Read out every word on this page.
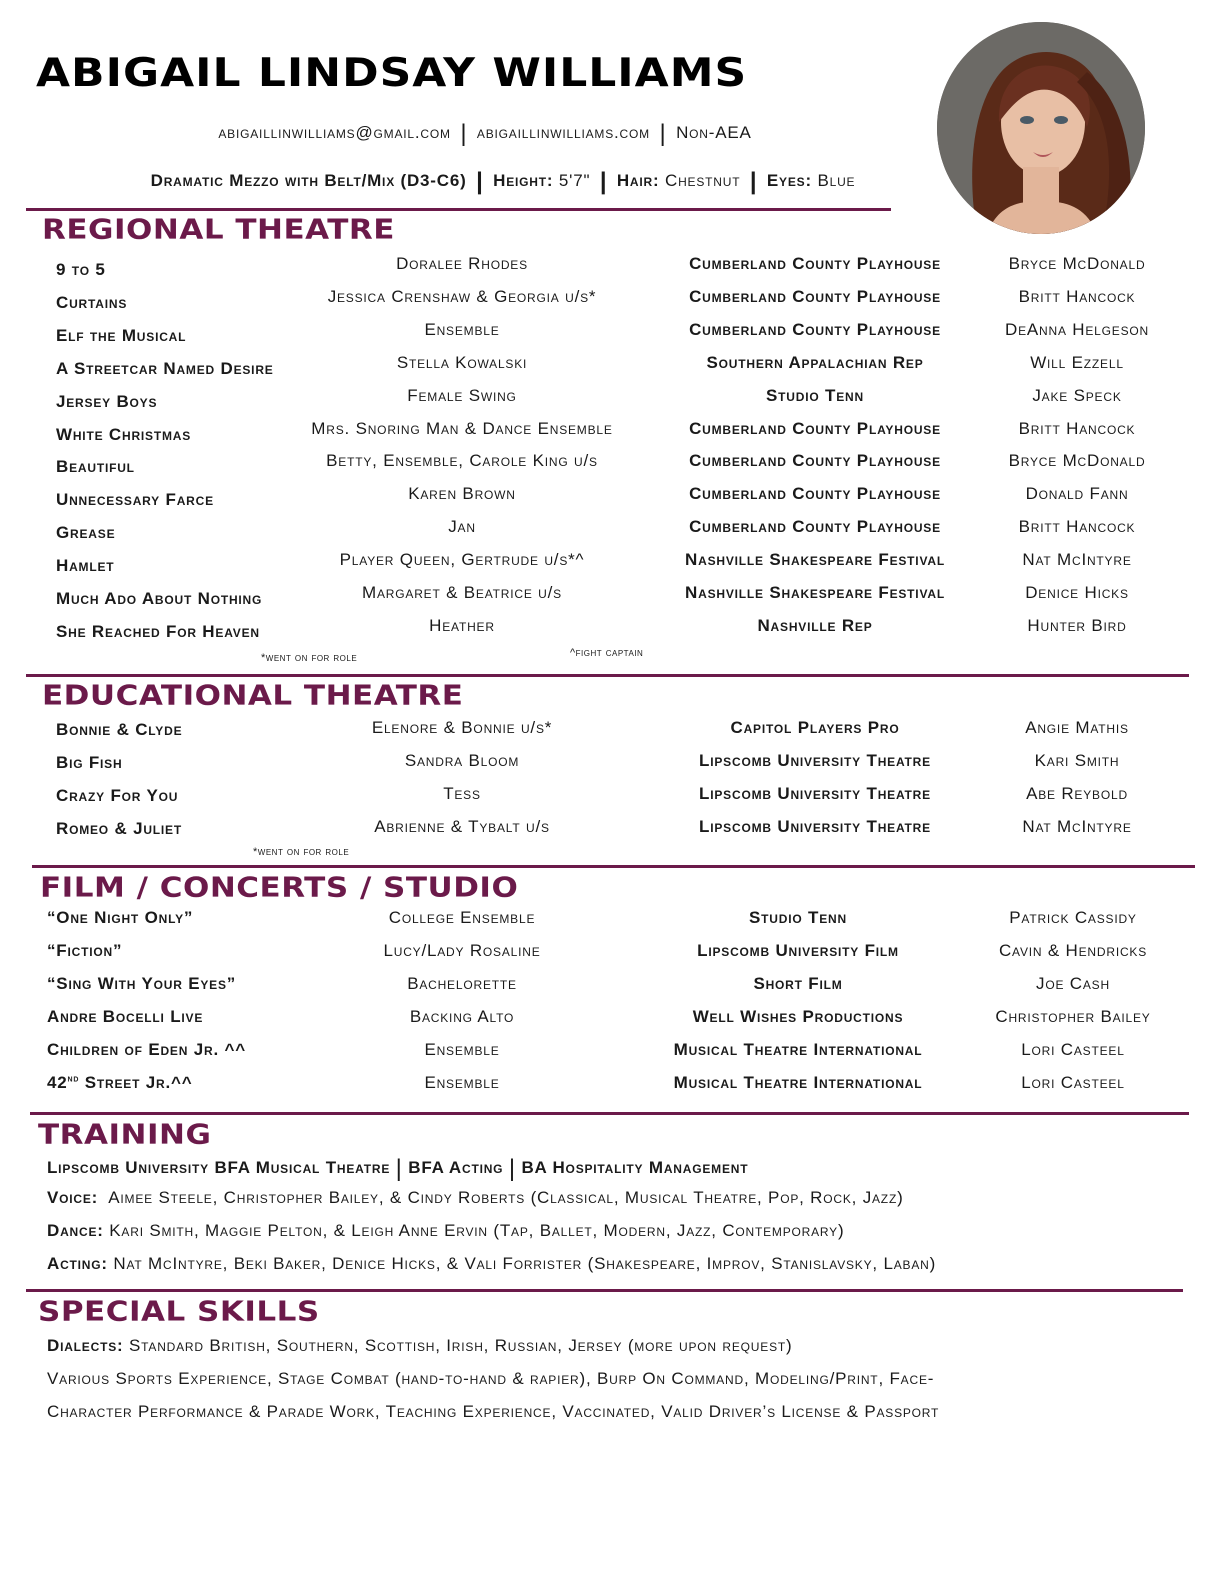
ABIGAIL LINDSAY WILLIAMS
abigaillinwilliams@gmail.com | abigaillinwilliams.com | Non-AEA
Dramatic Mezzo with Belt/Mix (D3-C6) | Height: 5'7" | Hair: Chestnut | Eyes: Blue
REGIONAL THEATRE
9 to 5	Doralee Rhodes	Cumberland County Playhouse	Bryce McDonald
Curtains	Jessica Crenshaw & Georgia u/s*	Cumberland County Playhouse	Britt Hancock
Elf the Musical	Ensemble	Cumberland County Playhouse	DeAnna Helgeson
A Streetcar Named Desire	Stella Kowalski	Southern Appalachian Rep	Will Ezzell
Jersey Boys	Female Swing	Studio Tenn	Jake Speck
White Christmas	Mrs. Snoring Man & Dance Ensemble	Cumberland County Playhouse	Britt Hancock
Beautiful	Betty, Ensemble, Carole King u/s	Cumberland County Playhouse	Bryce McDonald
Unnecessary Farce	Karen Brown	Cumberland County Playhouse	Donald Fann
Grease	Jan	Cumberland County Playhouse	Britt Hancock
Hamlet	Player Queen, Gertrude u/s*^	Nashville Shakespeare Festival	Nat McIntyre
Much Ado About Nothing	Margaret & Beatrice u/s	Nashville Shakespeare Festival	Denice Hicks
She Reached For Heaven	Heather	Nashville Rep	Hunter Bird
*went on for role	^fight captain
EDUCATIONAL THEATRE
Bonnie & Clyde	Elenore & Bonnie u/s*	Capitol Players Pro	Angie Mathis
Big Fish	Sandra Bloom	Lipscomb University Theatre	Kari Smith
Crazy For You	Tess	Lipscomb University Theatre	Abe Reybold
Romeo & Juliet	Abrienne & Tybalt u/s	Lipscomb University Theatre	Nat McIntyre
*went on for role
FILM / CONCERTS / STUDIO
“One Night Only”	College Ensemble	Studio Tenn	Patrick Cassidy
“Fiction”	Lucy/Lady Rosaline	Lipscomb University Film	Cavin & Hendricks
“Sing With Your Eyes”	Bachelorette	Short Film	Joe Cash
Andre Bocelli Live	Backing Alto	Well Wishes Productions	Christopher Bailey
Children of Eden Jr. ^^	Ensemble	Musical Theatre International	Lori Casteel
42nd Street Jr.^^	Ensemble	Musical Theatre International	Lori Casteel
TRAINING
Lipscomb University BFA Musical Theatre | BFA Acting | BA Hospitality Management
Voice: Aimee Steele, Christopher Bailey, & Cindy Roberts (Classical, Musical Theatre, Pop, Rock, Jazz)
Dance: Kari Smith, Maggie Pelton, & Leigh Anne Ervin (Tap, Ballet, Modern, Jazz, Contemporary)
Acting: Nat McIntyre, Beki Baker, Denice Hicks, & Vali Forrister (Shakespeare, Improv, Stanislavsky, Laban)
SPECIAL SKILLS
Dialects: Standard British, Southern, Scottish, Irish, Russian, Jersey (more upon request)
Various Sports Experience, Stage Combat (hand-to-hand & rapier), Burp On Command, Modeling/Print, Face-
Character Performance & Parade Work, Teaching Experience, Vaccinated, Valid Driver’s License & Passport
